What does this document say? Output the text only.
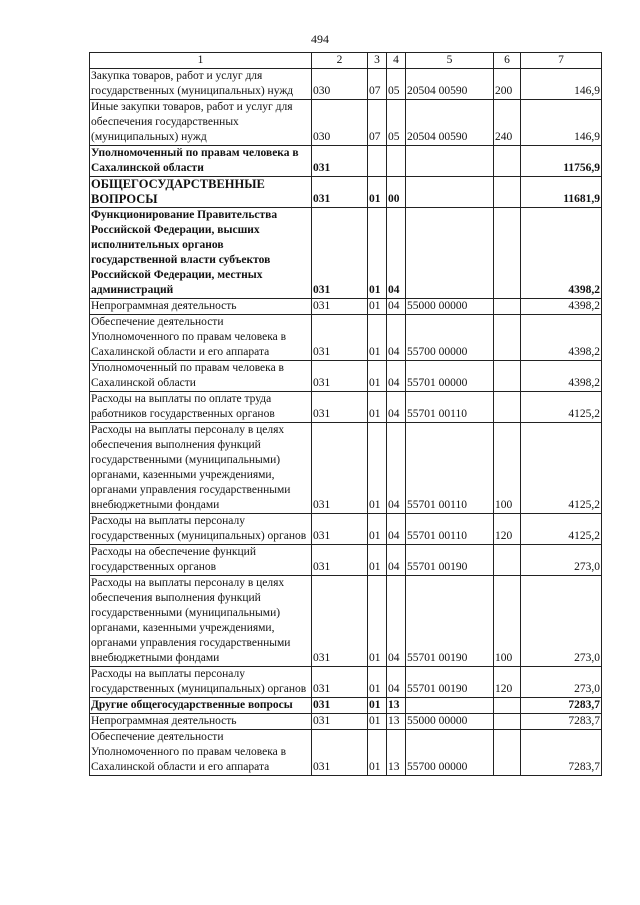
494
1	2	3	4	5	6	7
Закупка товаров, работ и услуг для государственных (муниципальных) нужд	030	07	05	20504 00590	200	146,9
Иные закупки товаров, работ и услуг для обеспечения государственных (муниципальных) нужд	030	07	05	20504 00590	240	146,9
Уполномоченный по правам человека в Сахалинской области	031					11756,9
ОБЩЕГОСУДАРСТВЕННЫЕ ВОПРОСЫ	031	01	00			11681,9
Функционирование Правительства Российской Федерации, высших исполнительных органов государственной власти субъектов Российской Федерации, местных администраций	031	01	04			4398,2
Непрограммная деятельность	031	01	04	55000 00000		4398,2
Обеспечение деятельности Уполномоченного по правам человека в Сахалинской области и его аппарата	031	01	04	55700 00000		4398,2
Уполномоченный по правам человека в Сахалинской области	031	01	04	55701 00000		4398,2
Расходы на выплаты по оплате труда работников государственных органов	031	01	04	55701 00110		4125,2
Расходы на выплаты персоналу в целях обеспечения выполнения функций государственными (муниципальными) органами, казенными учреждениями, органами управления государственными внебюджетными фондами	031	01	04	55701 00110	100	4125,2
Расходы на выплаты персоналу государственных (муниципальных) органов	031	01	04	55701 00110	120	4125,2
Расходы на обеспечение функций государственных органов	031	01	04	55701 00190		273,0
Расходы на выплаты персоналу в целях обеспечения выполнения функций государственными (муниципальными) органами, казенными учреждениями, органами управления государственными внебюджетными фондами	031	01	04	55701 00190	100	273,0
Расходы на выплаты персоналу государственных (муниципальных) органов	031	01	04	55701 00190	120	273,0
Другие общегосударственные вопросы	031	01	13			7283,7
Непрограммная деятельность	031	01	13	55000 00000		7283,7
Обеспечение деятельности Уполномоченного по правам человека в Сахалинской области и его аппарата	031	01	13	55700 00000		7283,7
